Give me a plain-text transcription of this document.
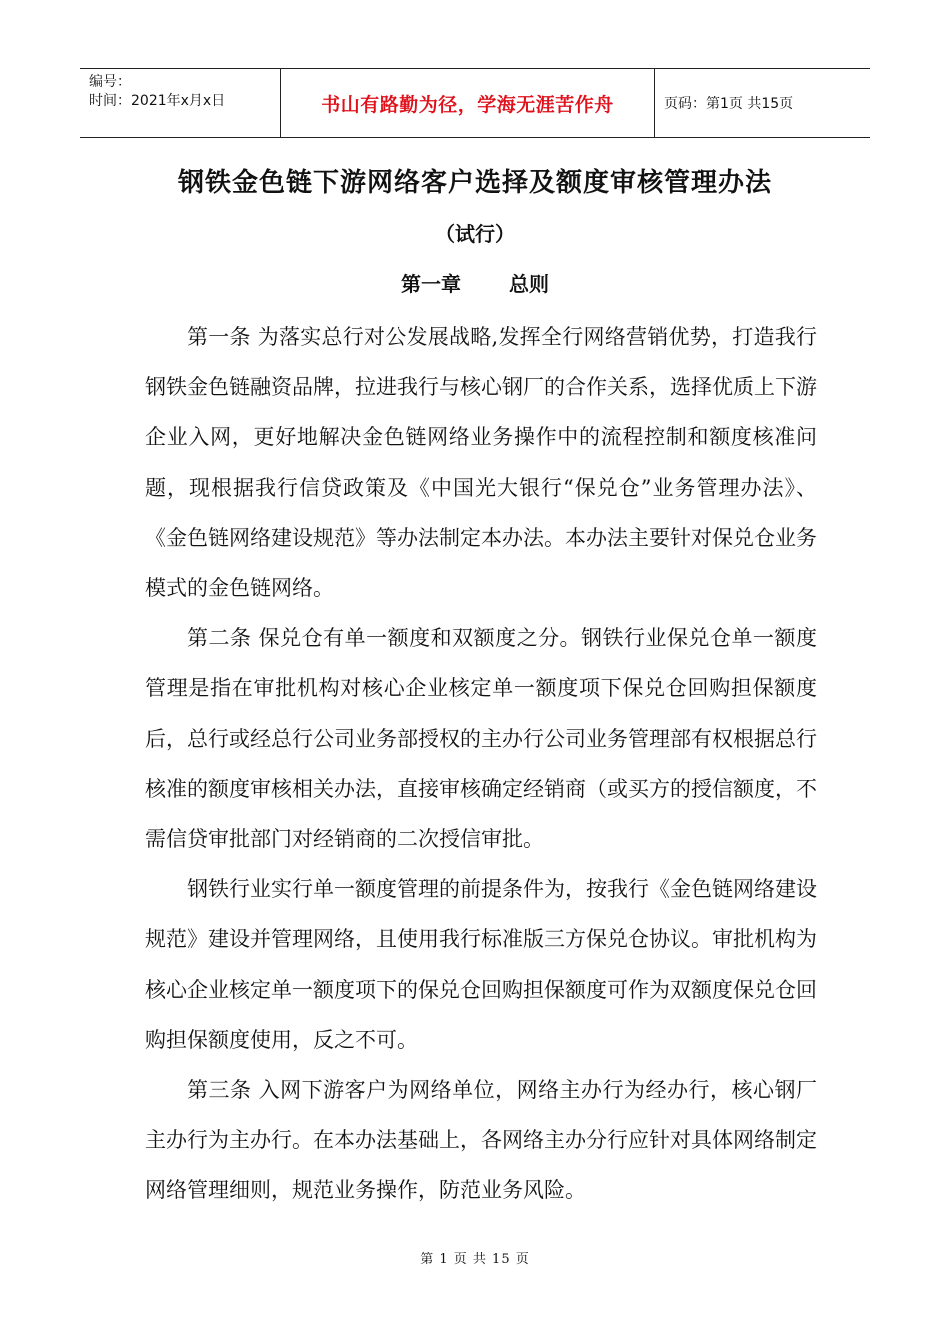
编号：
时间：2021年x月x日	书山有路勤为径，学海无涯苦作舟	页码：第1页 共15页
钢铁金色链下游网络客户选择及额度审核管理办法
（试行）
第一章 总则

第一条 为落实总行对公发展战略,发挥全行网络营销优势，打造我行钢铁金色链融资品牌，拉进我行与核心钢厂的合作关系，选择优质上下游企业入网，更好地解决金色链网络业务操作中的流程控制和额度核准问题，现根据我行信贷政策及《中国光大银行“保兑仓”业务管理办法》、《金色链网络建设规范》等办法制定本办法。本办法主要针对保兑仓业务模式的金色链网络。

第二条 保兑仓有单一额度和双额度之分。钢铁行业保兑仓单一额度管理是指在审批机构对核心企业核定单一额度项下保兑仓回购担保额度后，总行或经总行公司业务部授权的主办行公司业务管理部有权根据总行核准的额度审核相关办法，直接审核确定经销商（或买方的授信额度，不需信贷审批部门对经销商的二次授信审批。

钢铁行业实行单一额度管理的前提条件为，按我行《金色链网络建设规范》建设并管理网络，且使用我行标准版三方保兑仓协议。审批机构为核心企业核定单一额度项下的保兑仓回购担保额度可作为双额度保兑仓回购担保额度使用，反之不可。

第三条 入网下游客户为网络单位，网络主办行为经办行，核心钢厂主办行为主办行。在本办法基础上，各网络主办分行应针对具体网络制定网络管理细则，规范业务操作，防范业务风险。

第 1 页 共 15 页
